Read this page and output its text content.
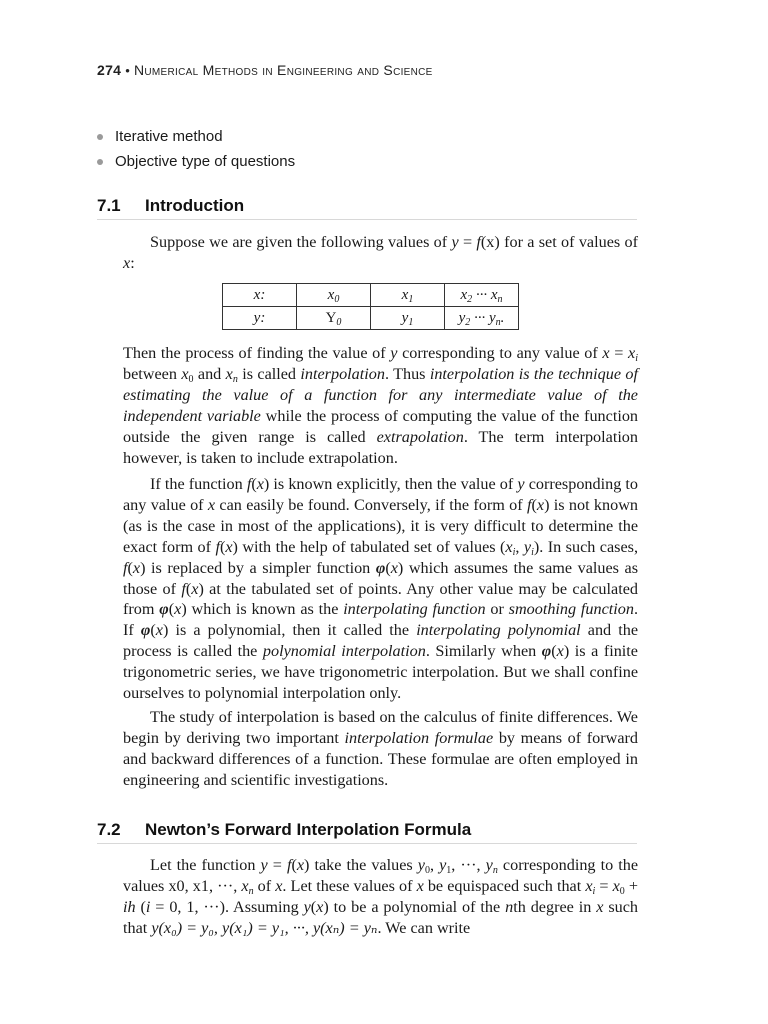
274 • Numerical Methods in Engineering and Science
Iterative method
Objective type of questions
7.1 Introduction

Suppose we are given the following values of y = f(x) for a set of values of x:

x:	$x_0$	$x_1$	$x_2$ ··· $x_n$
y:	$Y_0$	$y_1$	$y_2$ ··· $y_n$.

Then the process of finding the value of y corresponding to any value of $x = x_i$ between $x_0$ and $x_n$ is called interpolation. Thus interpolation is the technique of estimating the value of a function for any intermediate value of the independent variable while the process of computing the value of the function outside the given range is called extrapolation. The term interpolation however, is taken to include extrapolation.

If the function f(x) is known explicitly, then the value of y corresponding to any value of x can easily be found. Conversely, if the form of f(x) is not known (as is the case in most of the applications), it is very difficult to determine the exact form of f(x) with the help of tabulated set of values ($x_i$, $y_i$). In such cases, f(x) is replaced by a simpler function φ(x) which assumes the same values as those of f(x) at the tabulated set of points. Any other value may be calculated from φ(x) which is known as the interpolating function or smoothing function. If φ(x) is a polynomial, then it called the interpolating polynomial and the process is called the polynomial interpolation. Similarly when φ(x) is a finite trigonometric series, we have trigonometric interpolation. But we shall confine ourselves to polynomial interpolation only.

The study of interpolation is based on the calculus of finite differences. We begin by deriving two important interpolation formulae by means of forward and backward differences of a function. These formulae are often employed in engineering and scientific investigations.

7.2 Newton’s Forward Interpolation Formula

Let the function y = f(x) take the values $y_0$, $y_1$, ···, $y_n$ corresponding to the values x0, x1, ···, $x_n$ of x. Let these values of x be equispaced such that $x_i = x_0$ + ih (i = 0, 1, ···). Assuming y(x) to be a polynomial of the nth degree in x such that y(x₀) = y₀, y(x₁) = y₁, ···, y(xₙ) = yₙ. We can write
